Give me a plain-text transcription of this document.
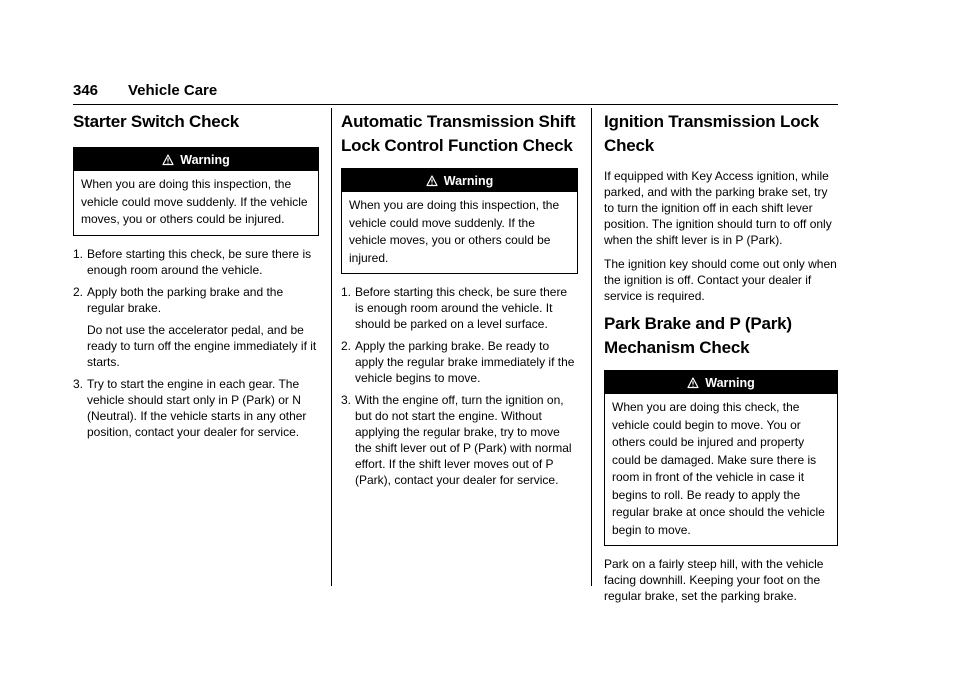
346 Vehicle Care
Starter Switch Check
Warning
When you are doing this inspection, the vehicle could move suddenly. If the vehicle moves, you or others could be injured.
1. Before starting this check, be sure there is enough room around the vehicle.
2. Apply both the parking brake and the regular brake.
Do not use the accelerator pedal, and be ready to turn off the engine immediately if it starts.
3. Try to start the engine in each gear. The vehicle should start only in P (Park) or N (Neutral). If the vehicle starts in any other position, contact your dealer for service.
Automatic Transmission Shift Lock Control Function Check
Warning
When you are doing this inspection, the vehicle could move suddenly. If the vehicle moves, you or others could be injured.
1. Before starting this check, be sure there is enough room around the vehicle. It should be parked on a level surface.
2. Apply the parking brake. Be ready to apply the regular brake immediately if the vehicle begins to move.
3. With the engine off, turn the ignition on, but do not start the engine. Without applying the regular brake, try to move the shift lever out of P (Park) with normal effort. If the shift lever moves out of P (Park), contact your dealer for service.
Ignition Transmission Lock Check

If equipped with Key Access ignition, while parked, and with the parking brake set, try to turn the ignition off in each shift lever position. The ignition should turn to off only when the shift lever is in P (Park).

The ignition key should come out only when the ignition is off. Contact your dealer if service is required.

Park Brake and P (Park) Mechanism Check
Warning
When you are doing this check, the vehicle could begin to move. You or others could be injured and property could be damaged. Make sure there is room in front of the vehicle in case it begins to roll. Be ready to apply the regular brake at once should the vehicle begin to move.

Park on a fairly steep hill, with the vehicle facing downhill. Keeping your foot on the regular brake, set the parking brake.
